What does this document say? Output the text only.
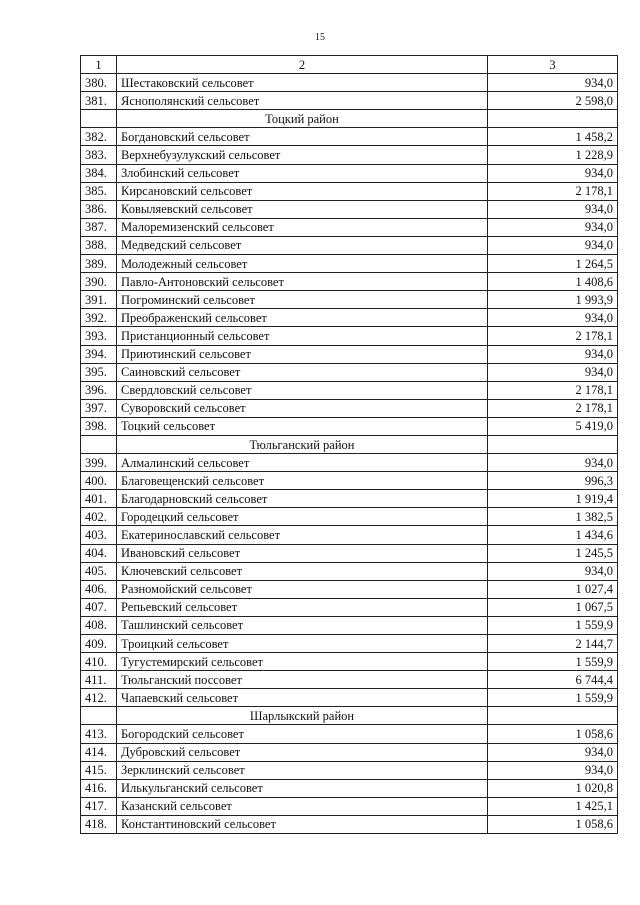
15
1	2	3
380.	Шестаковский сельсовет	934,0
381.	Яснополянский сельсовет	2 598,0
	Тоцкий район	
382.	Богдановский сельсовет	1 458,2
383.	Верхнебузулукский сельсовет	1 228,9
384.	Злобинский сельсовет	934,0
385.	Кирсановский сельсовет	2 178,1
386.	Ковыляевский сельсовет	934,0
387.	Малоремизенский сельсовет	934,0
388.	Медведский сельсовет	934,0
389.	Молодежный сельсовет	1 264,5
390.	Павло-Антоновский сельсовет	1 408,6
391.	Погроминский сельсовет	1 993,9
392.	Преображенский сельсовет	934,0
393.	Пристанционный сельсовет	2 178,1
394.	Приютинский сельсовет	934,0
395.	Саиновский сельсовет	934,0
396.	Свердловский сельсовет	2 178,1
397.	Суворовский сельсовет	2 178,1
398.	Тоцкий сельсовет	5 419,0
	Тюльганский район	
399.	Алмалинский сельсовет	934,0
400.	Благовещенский сельсовет	996,3
401.	Благодарновский сельсовет	1 919,4
402.	Городецкий сельсовет	1 382,5
403.	Екатеринославский сельсовет	1 434,6
404.	Ивановский сельсовет	1 245,5
405.	Ключевский сельсовет	934,0
406.	Разномойский сельсовет	1 027,4
407.	Репьевский сельсовет	1 067,5
408.	Ташлинский сельсовет	1 559,9
409.	Троицкий сельсовет	2 144,7
410.	Тугустемирский сельсовет	1 559,9
411.	Тюльганский поссовет	6 744,4
412.	Чапаевский сельсовет	1 559,9
	Шарлыкский район	
413.	Богородский сельсовет	1 058,6
414.	Дубровский сельсовет	934,0
415.	Зерклинский сельсовет	934,0
416.	Илькульганский сельсовет	1 020,8
417.	Казанский сельсовет	1 425,1
418.	Константиновский сельсовет	1 058,6
